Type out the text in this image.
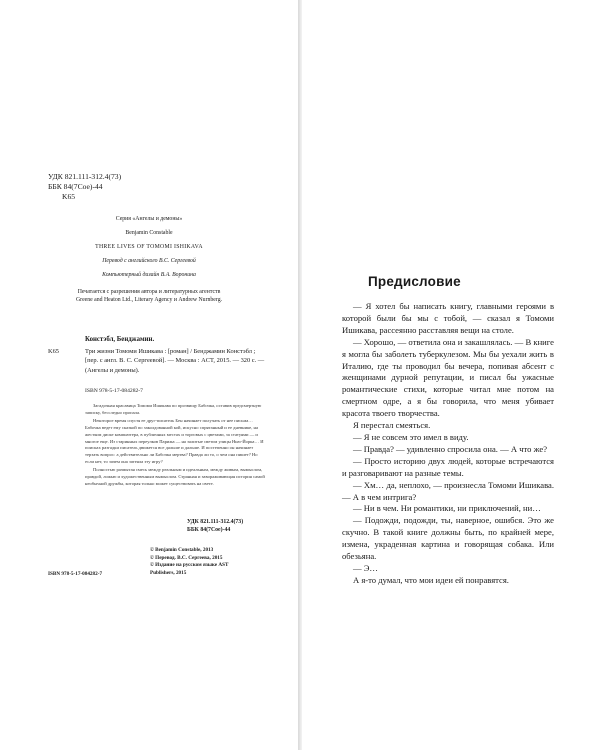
УДК 821.111-312.4(73)
ББК 84(7Сое)-44
K65
Серия «Ангелы и демоны»
Benjamin Constable
THREE LIVES OF TOMOMI ISHIKAVA
Перевод с английского В.С. Сергеевой
Компьютерный дизайн В.А. Воронина
Печатается с разрешения автора и литературных агентств
Greene and Heaton Ltd., Literary Agency и Andrew Nurnberg.
Констэбл, Бенджамин.
K65	Три жизни Томоми Ишикава : [роман] / Бенджамин Констэбл ; [пер. с англ. В. С. Сергеевой]. — Москва : ACT, 2015. — 320 с. — (Ангелы и демоны).
ISBN 978-5-17-084282-7

Загадочная красавица Томоми Ишикава по прозвищу Бабочка, оставив предсмертную записку, бесследно пропала.

Некоторое время спустя ее друг-писатель Бен начинает получать от нее письма… Бабочка ведет ему сказкой по заколдованной кой, искусно спрятанный и ее дневнике, на жестком диске компьютера, в публичных местах и торговых с цветами, за статуями — и многое еще. Из старинных переулков Парижа — на залитые светом улицы Нью-Йорка… И поисках разгадки писатель движется все дальше и дальше. И постепенно он начинает терзать вопрос: а действительно ли Бабочка мертва? Правда ли то, о чем она пишет? Но если нет, то зачем она затеяла эту игру?

Полностью размытая смесь между реальным и идеальным, между живым, вымыслом, правдой, ложью и художественным вымыслом. Странная и завораживающая история самой необычной дружбы, которая только может существовать на свете.

УДК 821.111-312.4(73)
ББК 84(7Сое)-44
© Benjamin Constable, 2013
© Перевод. В.С. Сергеева, 2015
© Издание на русском языке AST
Publishers, 2015
ISBN 978-5-17-084282-7
Предисловие

— Я хотел бы написать книгу, главными героями в которой были бы мы с тобой, — сказал я Томоми Ишикава, рассеянно расставляя вещи на столе.

— Хорошо, — ответила она и закашлялась. — В книге я могла бы заболеть туберкулезом. Мы бы уехали жить в Италию, где ты проводил бы вечера, попивая абсент с женщинами дурной репутации, и писал бы ужасные романтические стихи, которые читал мне потом на смертном одре, а я бы говорила, что меня убивает красота твоего творчества.

Я перестал смеяться.

— Я не совсем это имел в виду.

— Правда? — удивленно спросила она. — А что же?

— Просто историю двух людей, которые встречаются и разговаривают на разные темы.

— Хм… да, неплохо, — произнесла Томоми Ишикава. — А в чем интрига?

— Ни в чем. Ни романтики, ни приключений, ни…

— Подожди, подожди, ты, наверное, ошибся. Это же скучно. В такой книге должны быть, по крайней мере, измена, украденная картина и говорящая собака. Или обезьяна.

— Э…

А я-то думал, что мои идеи ей понравятся.
